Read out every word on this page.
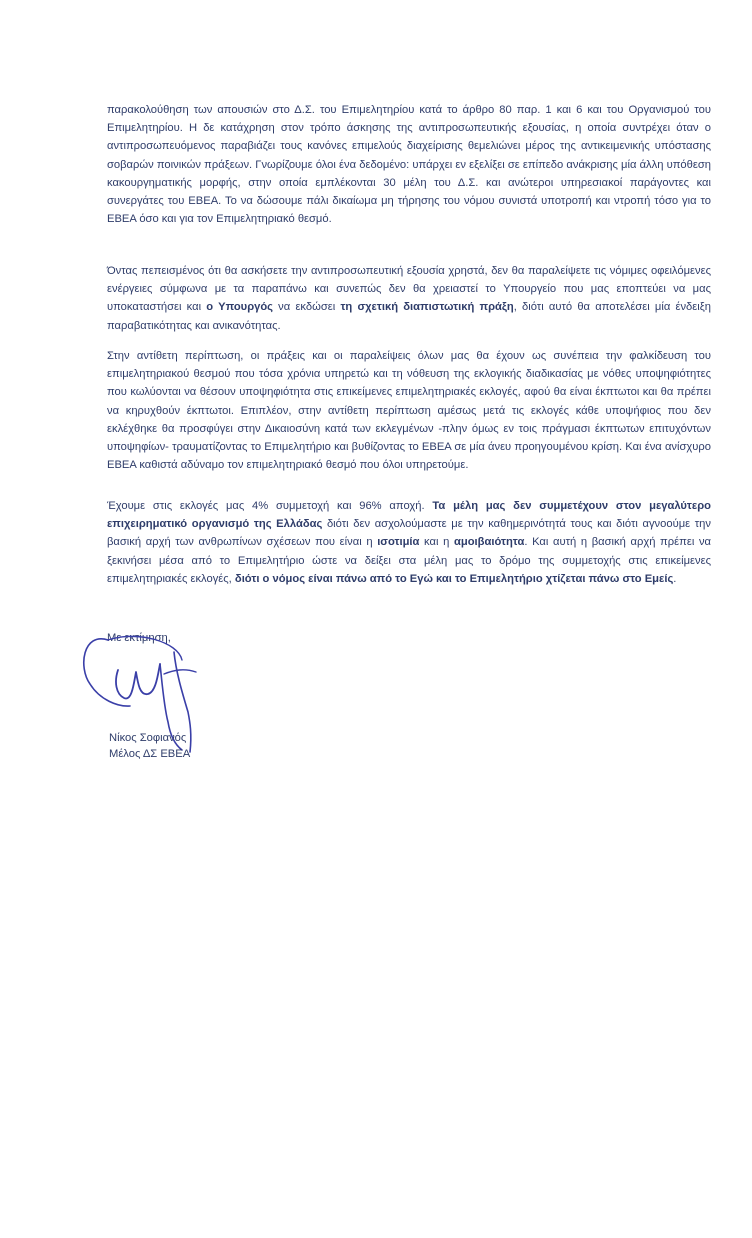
παρακολούθηση των απουσιών στο Δ.Σ. του Επιμελητηρίου κατά το άρθρο 80 παρ. 1 και 6 και του Οργανισμού του Επιμελητηρίου. Η δε κατάχρηση στον τρόπο άσκησης της αντιπροσωπευτικής εξουσίας, η οποία συντρέχει όταν ο αντιπροσωπευόμενος παραβιάζει τους κανόνες επιμελούς διαχείρισης θεμελιώνει μέρος της αντικειμενικής υπόστασης σοβαρών ποινικών πράξεων. Γνωρίζουμε όλοι ένα δεδομένο: υπάρχει εν εξελίξει σε επίπεδο ανάκρισης μία άλλη υπόθεση κακουργηματικής μορφής, στην οποία εμπλέκονται 30 μέλη του Δ.Σ. και ανώτεροι υπηρεσιακοί παράγοντες και συνεργάτες του ΕΒΕΑ. Το να δώσουμε πάλι δικαίωμα μη τήρησης του νόμου συνιστά υποτροπή και ντροπή τόσο για το ΕΒΕΑ όσο και για τον Επιμελητηριακό θεσμό.

Όντας πεπεισμένος ότι θα ασκήσετε την αντιπροσωπευτική εξουσία χρηστά, δεν θα παραλείψετε τις νόμιμες οφειλόμενες ενέργειες σύμφωνα με τα παραπάνω και συνεπώς δεν θα χρειαστεί το Υπουργείο που μας εποπτεύει να μας υποκαταστήσει και ο Υπουργός να εκδώσει τη σχετική διαπιστωτική πράξη, διότι αυτό θα αποτελέσει μία ένδειξη παραβατικότητας και ανικανότητας.

Στην αντίθετη περίπτωση, οι πράξεις και οι παραλείψεις όλων μας θα έχουν ως συνέπεια την φαλκίδευση του επιμελητηριακού θεσμού που τόσα χρόνια υπηρετώ και τη νόθευση της εκλογικής διαδικασίας με νόθες υποψηφιότητες που κωλύονται να θέσουν υποψηφιότητα στις επικείμενες επιμελητηριακές εκλογές, αφού θα είναι έκπτωτοι και θα πρέπει να κηρυχθούν έκπτωτοι. Επιπλέον, στην αντίθετη περίπτωση αμέσως μετά τις εκλογές κάθε υποψήφιος που δεν εκλέχθηκε θα προσφύγει στην Δικαιοσύνη κατά των εκλεγμένων -πλην όμως εν τοις πράγμασι έκπτωτων επιτυχόντων υποψηφίων- τραυματίζοντας το Επιμελητήριο και βυθίζοντας το ΕΒΕΑ σε μία άνευ προηγουμένου κρίση. Και ένα ανίσχυρο ΕΒΕΑ καθιστά αδύναμο τον επιμελητηριακό θεσμό που όλοι υπηρετούμε.

Έχουμε στις εκλογές μας 4% συμμετοχή και 96% αποχή. Τα μέλη μας δεν συμμετέχουν στον μεγαλύτερο επιχειρηματικό οργανισμό της Ελλάδας διότι δεν ασχολούμαστε με την καθημερινότητά τους και διότι αγνοούμε την βασική αρχή των ανθρωπίνων σχέσεων που είναι η ισοτιμία και η αμοιβαιότητα. Και αυτή η βασική αρχή πρέπει να ξεκινήσει μέσα από το Επιμελητήριο ώστε να δείξει στα μέλη μας το δρόμο της συμμετοχής στις επικείμενες επιμελητηριακές εκλογές, διότι ο νόμος είναι πάνω από το Εγώ και το Επιμελητήριο χτίζεται πάνω στο Εμείς.

Με εκτίμηση,
Νίκος Σοφιανός
Μέλος ΔΣ ΕΒΕΑ
